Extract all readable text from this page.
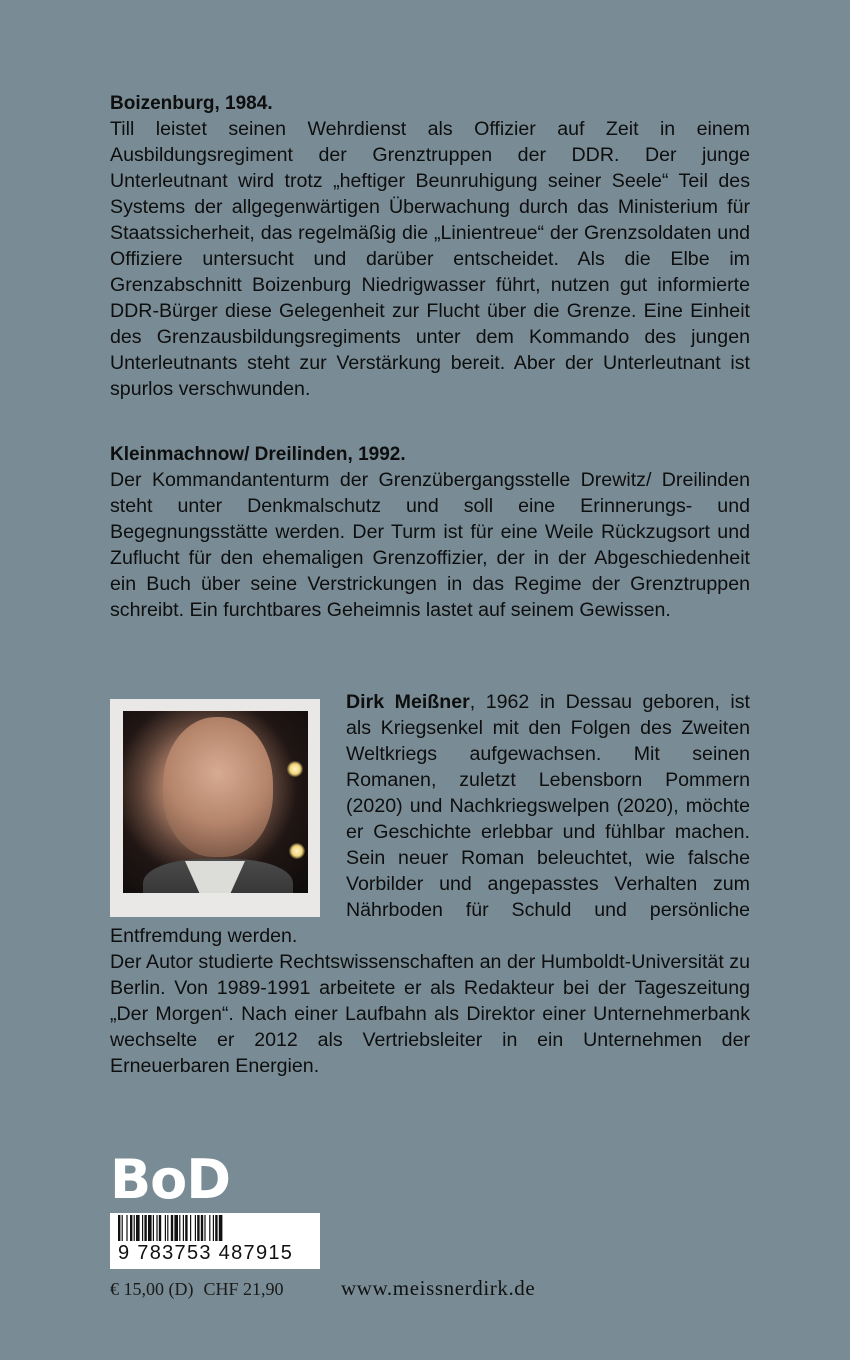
Boizenburg, 1984.

Till leistet seinen Wehrdienst als Offizier auf Zeit in einem Ausbildungsregiment der Grenztruppen der DDR. Der junge Unterleutnant wird trotz „heftiger Beunruhigung seiner Seele“ Teil des Systems der allgegenwärtigen Überwachung durch das Ministerium für Staatssicherheit, das regelmäßig die „Linientreue“ der Grenzsoldaten und Offiziere untersucht und darüber entscheidet. Als die Elbe im Grenzabschnitt Boizenburg Niedrigwasser führt, nutzen gut informierte DDR-Bürger diese Gelegenheit zur Flucht über die Grenze. Eine Einheit des Grenzausbildungsregiments unter dem Kommando des jungen Unterleutnants steht zur Verstärkung bereit. Aber der Unterleutnant ist spurlos verschwunden.

Kleinmachnow/ Dreilinden, 1992.

Der Kommandantenturm der Grenzübergangsstelle Drewitz/ Dreilinden steht unter Denkmalschutz und soll eine Erinnerungs- und Begegnungsstätte werden. Der Turm ist für eine Weile Rückzugsort und Zuflucht für den ehemaligen Grenzoffizier, der in der Abgeschiedenheit ein Buch über seine Verstrickungen in das Regime der Grenztruppen schreibt. Ein furchtbares Geheimnis lastet auf seinem Gewissen.

Dirk Meißner, 1962 in Dessau geboren, ist als Kriegsenkel mit den Folgen des Zweiten Weltkriegs aufgewachsen. Mit seinen Romanen, zuletzt Lebensborn Pommern (2020) und Nachkriegswelpen (2020), möchte er Geschichte erlebbar und fühlbar machen. Sein neuer Roman beleuchtet, wie falsche Vorbilder und angepasstes Verhalten zum Nährboden für Schuld und persönliche Entfremdung werden.

Der Autor studierte Rechtswissenschaften an der Humboldt-Universität zu Berlin. Von 1989-1991 arbeitete er als Redakteur bei der Tageszeitung „Der Morgen“. Nach einer Laufbahn als Direktor einer Unternehmerbank wechselte er 2012 als Vertriebsleiter in ein Unternehmen der Erneuerbaren Energien.

BoD
9 783753 487915
€ 15,00 (D) CHF 21,90	www.meissnerdirk.de
